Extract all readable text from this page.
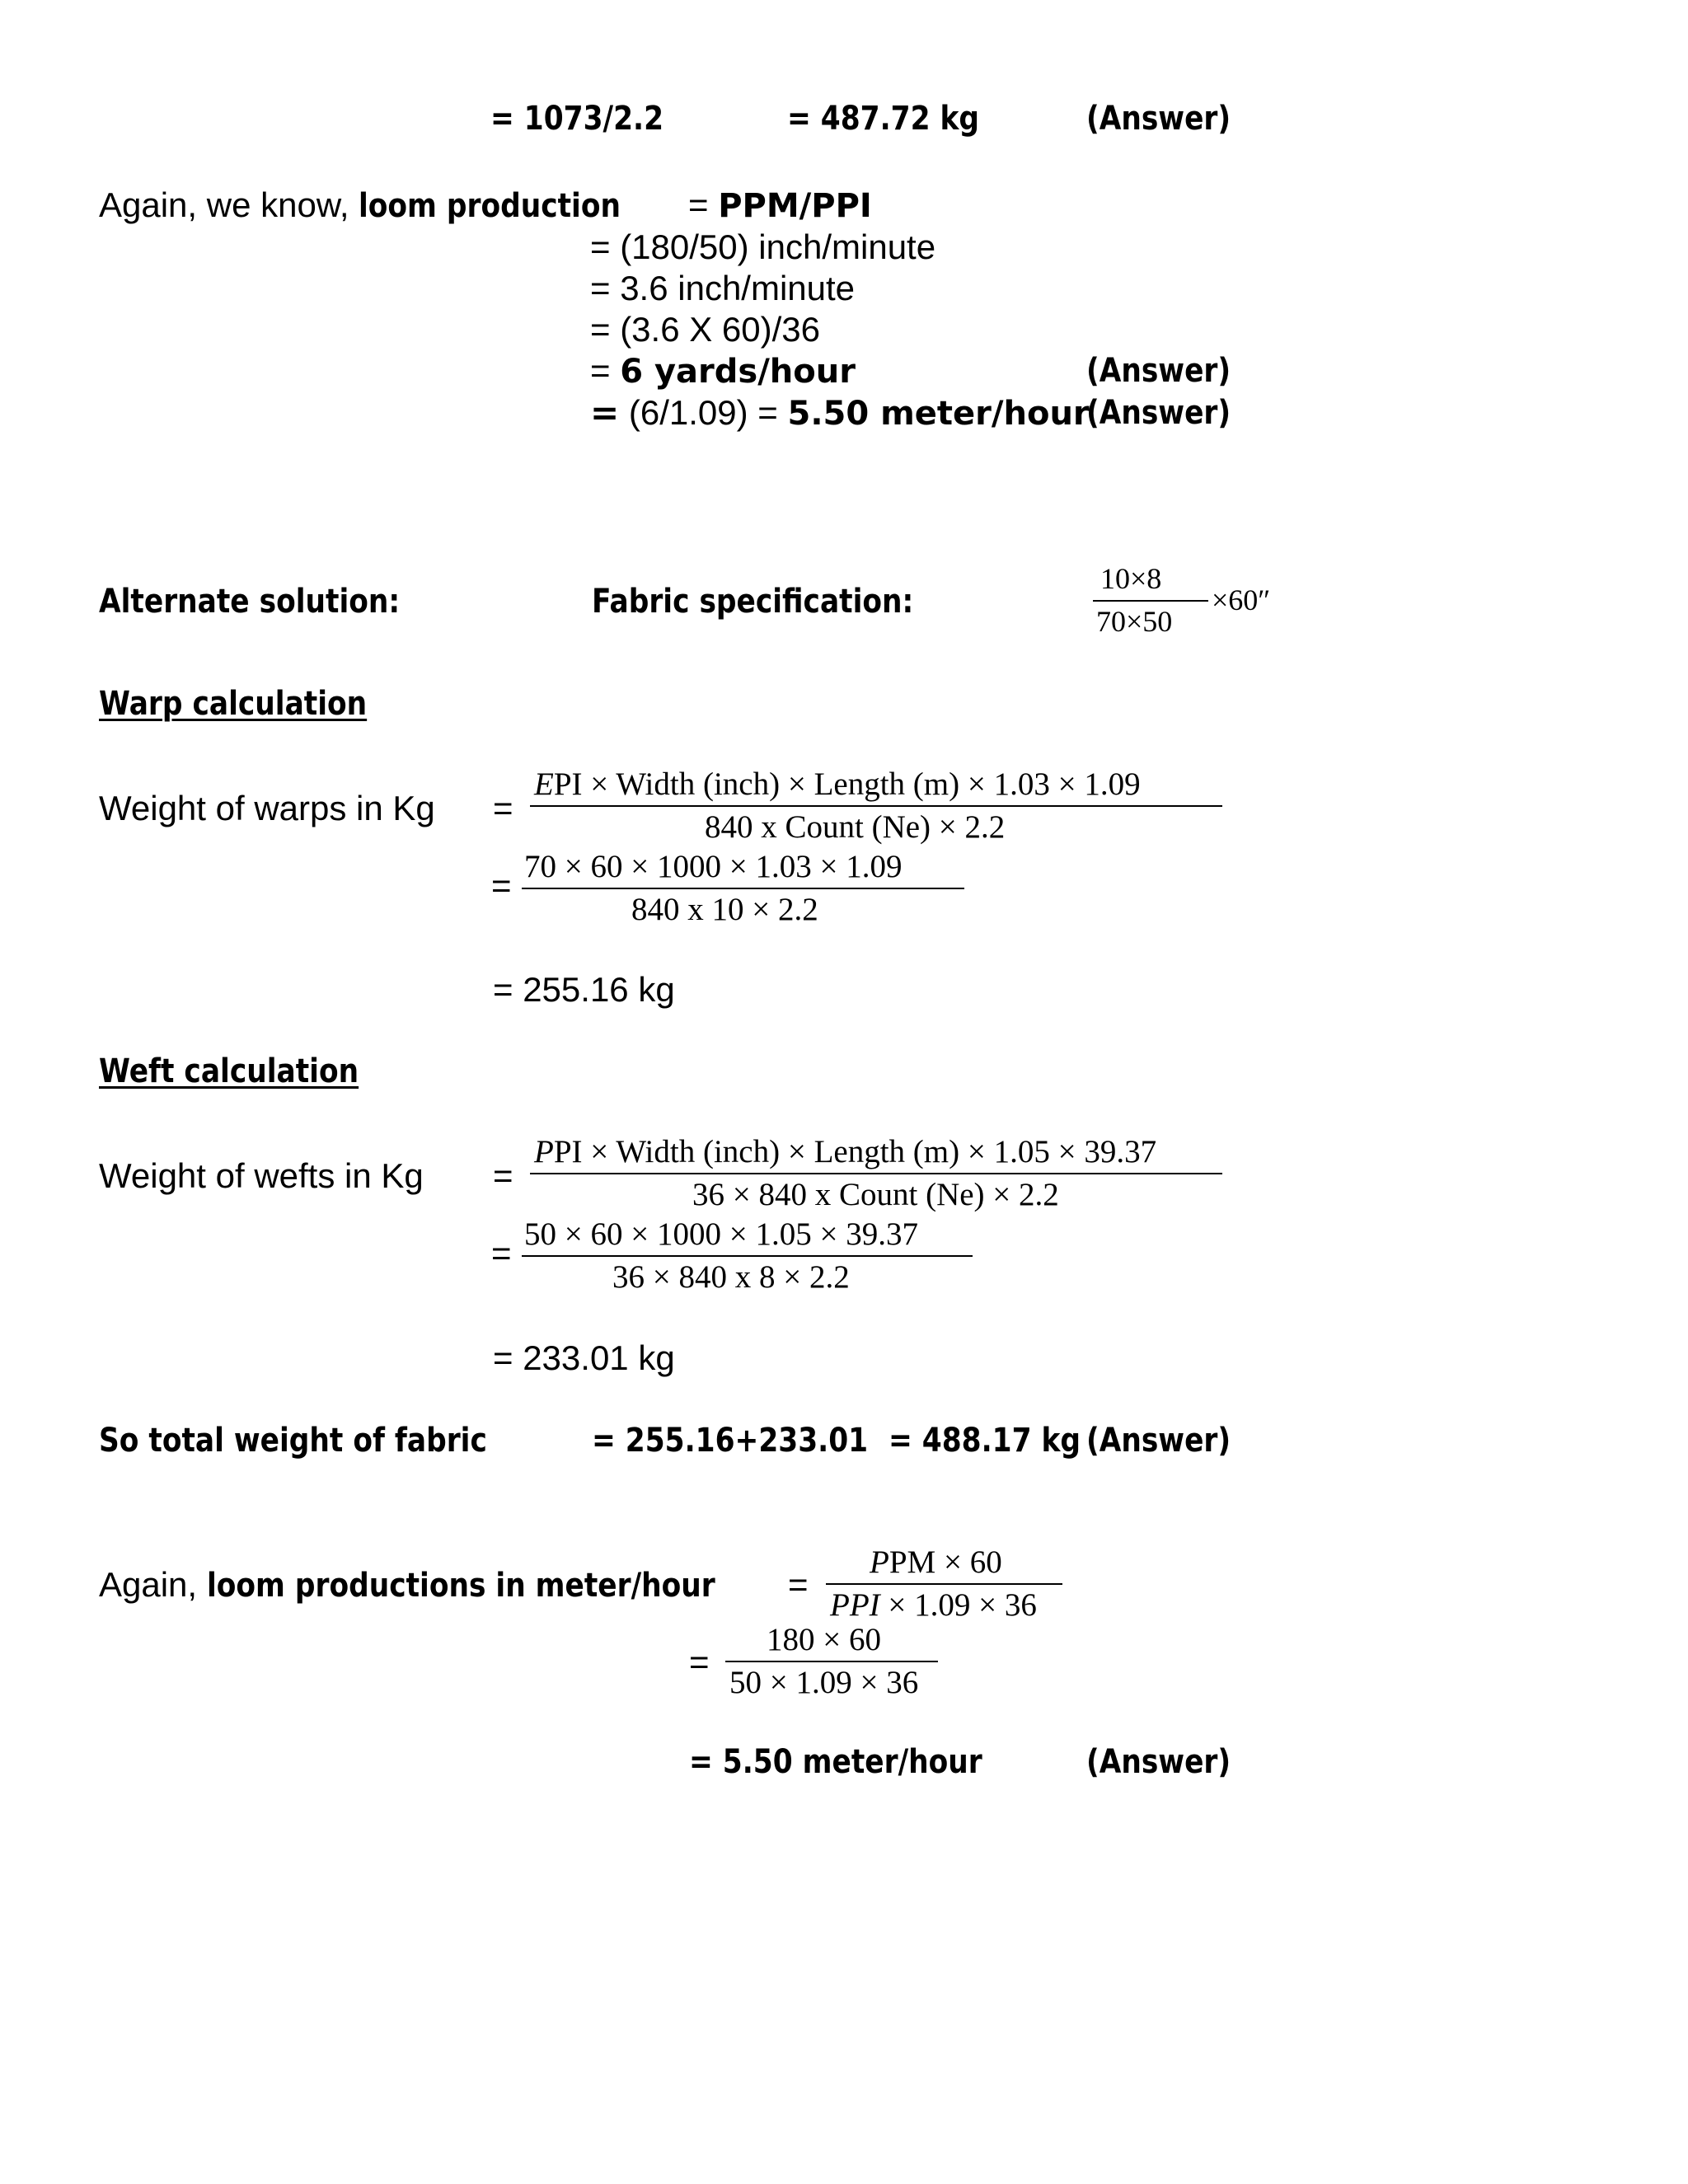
= 1073/2.2	= 487.72 kg	(Answer)
Again, we know, loom production	= PPM/PPI
= (180/50) inch/minute
= 3.6 inch/minute
= (3.6 X 60)/36
= 6 yards/hour	(Answer)
= (6/1.09) = 5.50 meter/hour
(Answer)
Alternate solution:	Fabric specification:
10×8
70×50
×60″
Warp calculation
Weight of warps in Kg =
EPI × Width (inch) × Length (m) × 1.03 × 1.09
840 x Count (Ne) × 2.2
= 70 × 60 × 1000 × 1.03 × 1.09
840 x 10 × 2.2
= 255.16 kg
Weft calculation
Weight of wefts in Kg =
PPI × Width (inch) × Length (m) × 1.05 × 39.37
36 × 840 x Count (Ne) × 2.2
= 50 × 60 × 1000 × 1.05 × 39.37
36 × 840 x 8 × 2.2
= 233.01 kg
So total weight of fabric	= 255.16+233.01 = 488.17 kg (Answer)
Again, loom productions in meter/hour	=
PPM × 60
PPI × 1.09 × 36
=
180 × 60
50 × 1.09 × 36
= 5.50 meter/hour	(Answer)
